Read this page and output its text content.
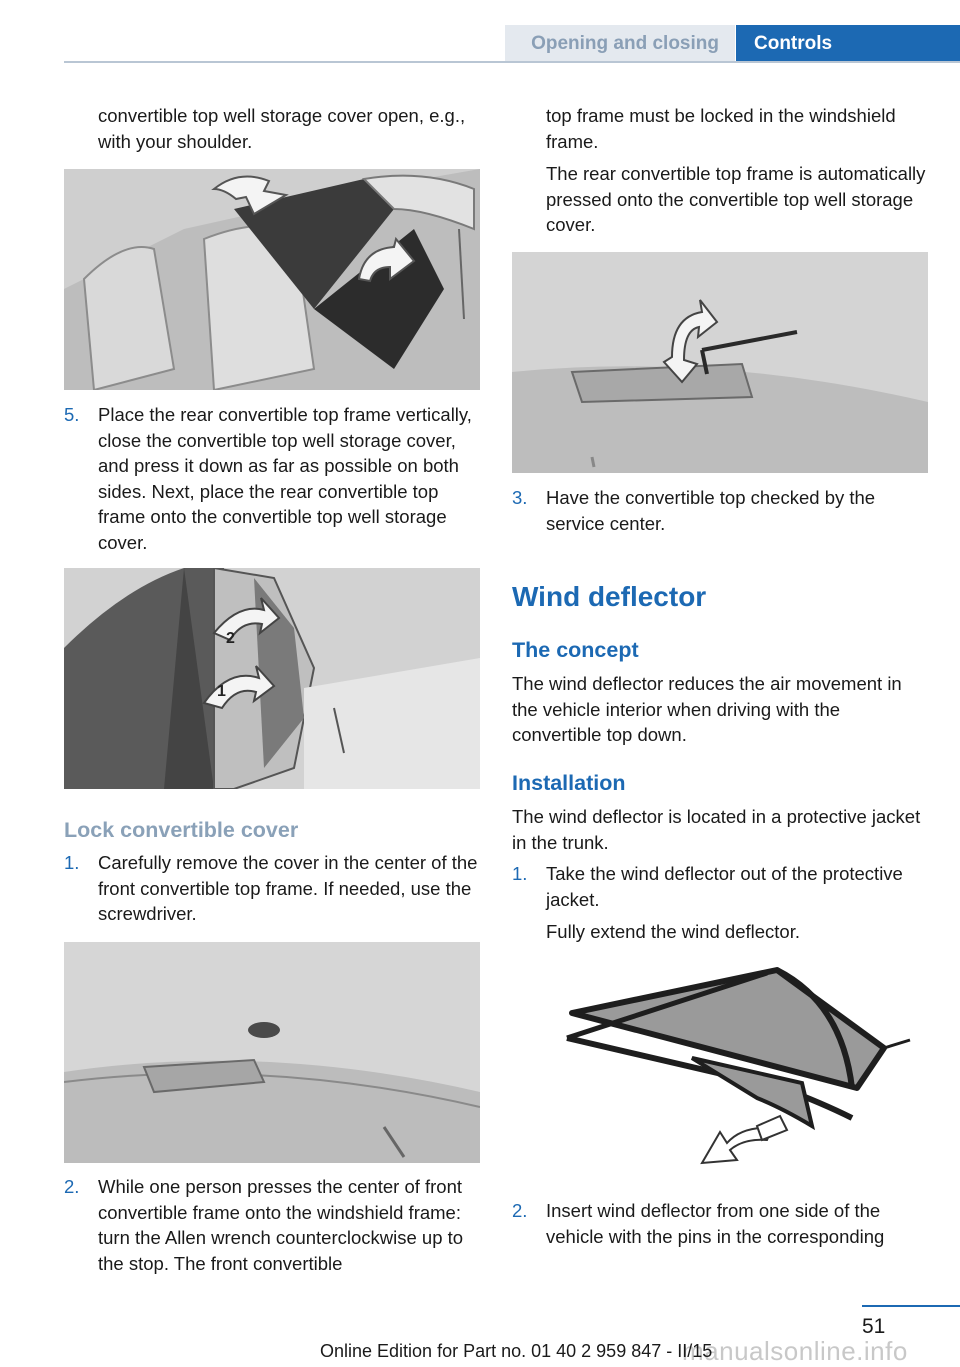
Opening and closing Controls

convertible top well storage cover open, e.g., with your shoulder.

5.	Place the rear convertible top frame vertically, close the convertible top well storage cover, and press it down as far as possible on both sides. Next, place the rear convertible top frame onto the convertible top well storage cover.

2
1
Lock convertible cover
1.	Carefully remove the cover in the center of the front convertible top frame. If needed, use the screwdriver.

2.	While one person presses the center of front convertible frame onto the windshield frame: turn the Allen wrench counterclockwise up to the stop. The front convertible

top frame must be locked in the windshield frame.

The rear convertible top frame is automatically pressed onto the convertible top well storage cover.

3.	Have the convertible top checked by the service center.

Wind deflector
The concept

The wind deflector reduces the air movement in the vehicle interior when driving with the convertible top down.

Installation

The wind deflector is located in a protective jacket in the trunk.

1.	Take the wind deflector out of the protective jacket.

Fully extend the wind deflector.

2.	Insert wind deflector from one side of the vehicle with the pins in the corresponding

51
manualsonline.info
Online Edition for Part no. 01 40 2 959 847 - II/15
